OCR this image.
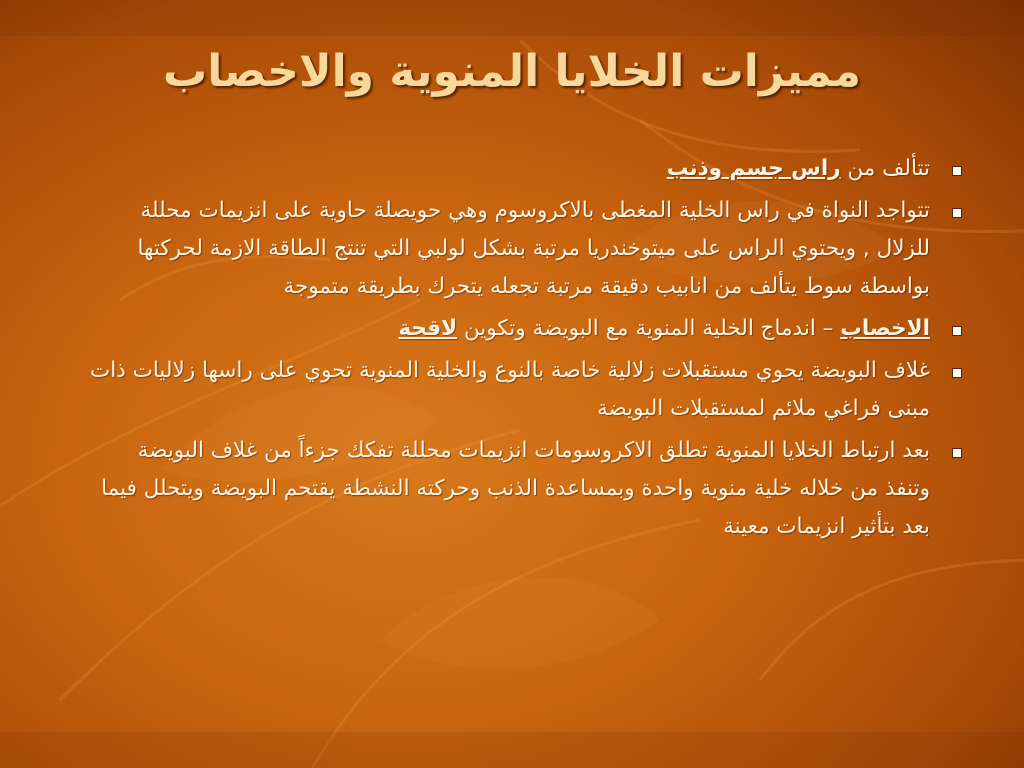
مميزات الخلايا المنوية والاخصاب
تتألف من راس جسم وذنب
تتواجد النواة في راس الخلية المغطى بالاكروسوم وهي حويصلة حاوية على انزيمات محللة للزلال , ويحتوي الراس على ميتوخندريا مرتبة بشكل لولبي التي تنتج الطاقة الازمة لحركتها بواسطة سوط يتألف من انابيب دقيقة مرتبة تجعله يتحرك بطريقة متموجة
الاخصاب – اندماج الخلية المنوية مع البويضة وتكوين لاقحة
غلاف البويضة يحوي مستقبلات زلالية خاصة بالنوع والخلية المنوية تحوي على راسها زلاليات ذات مبنى فراغي ملائم لمستقبلات البويضة
بعد ارتباط الخلايا المنوية تطلق الاكروسومات انزيمات محللة تفكك جزءاً من غلاف البويضة وتنفذ من خلاله خلية منوية واحدة وبمساعدة الذنب وحركته النشطة يقتحم البويضة ويتحلل فيما بعد بتأثير انزيمات معينة
